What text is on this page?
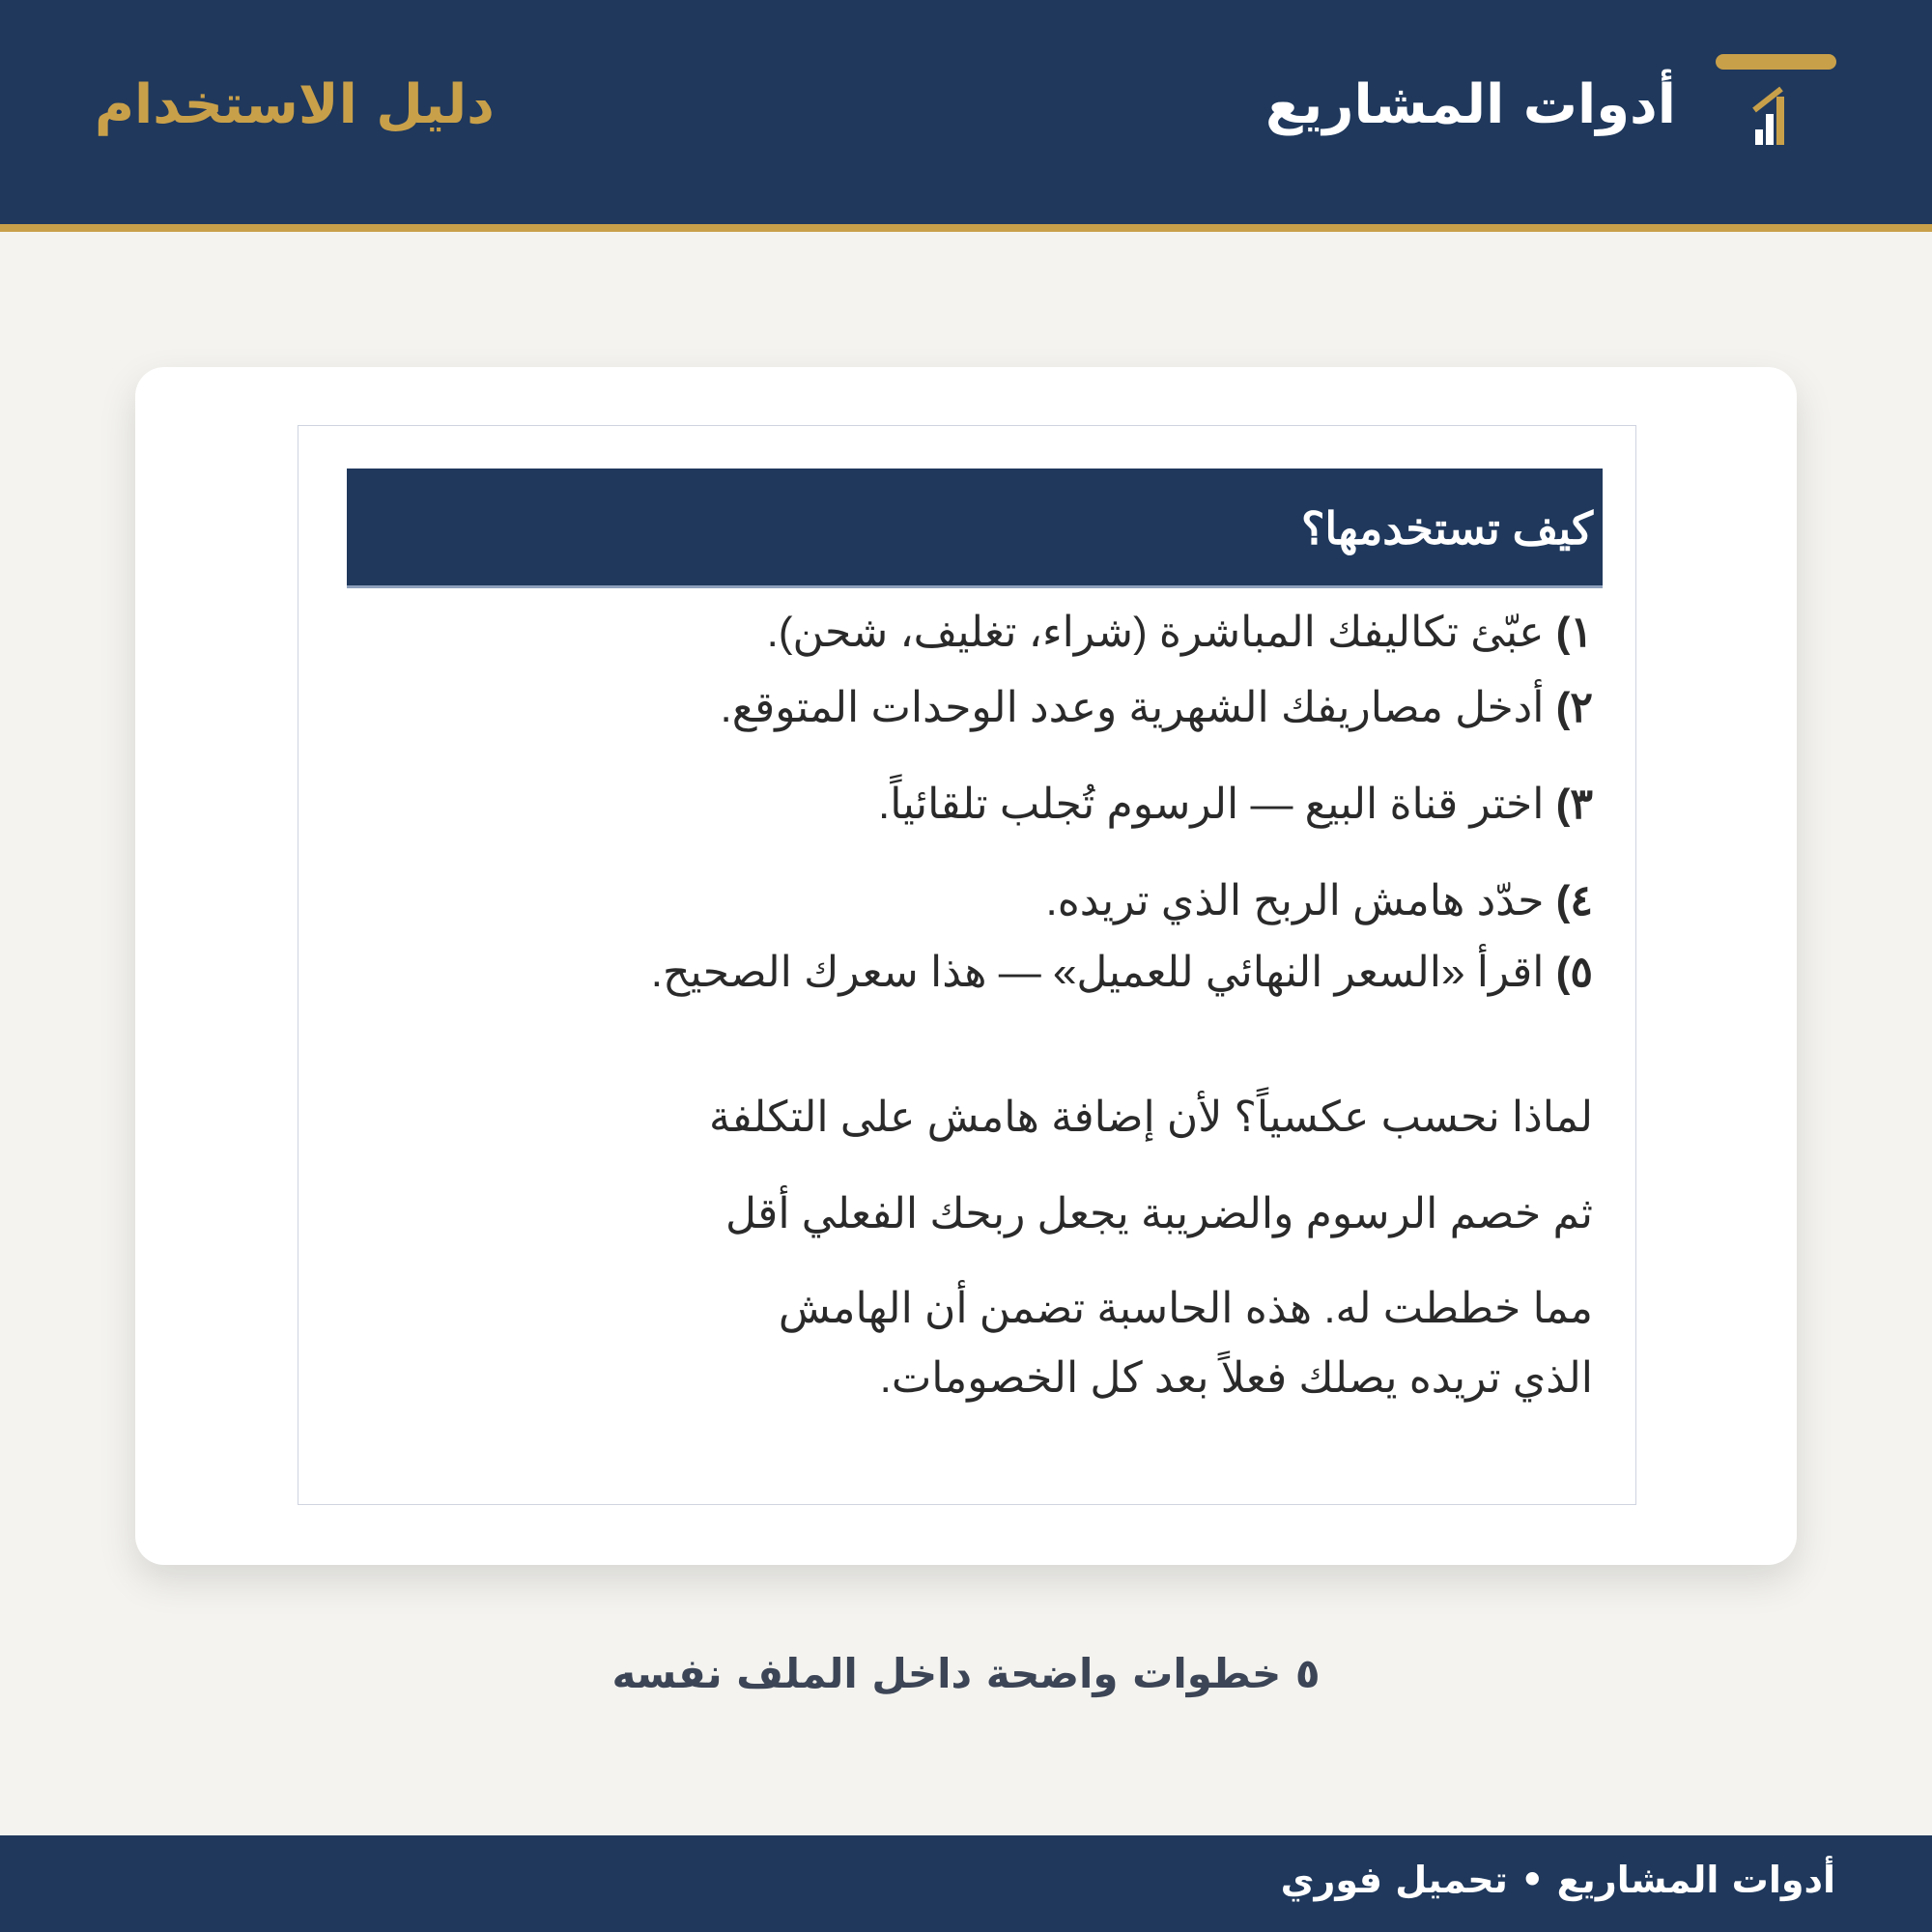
أدوات المشاريع
دليل الاستخدام
كيف تستخدمها؟
١) عبّئ تكاليفك المباشرة (شراء، تغليف، شحن).
٢) أدخل مصاريفك الشهرية وعدد الوحدات المتوقع.
٣) اختر قناة البيع — الرسوم تُجلب تلقائياً.
٤) حدّد هامش الربح الذي تريده.
٥) اقرأ «السعر النهائي للعميل» — هذا سعرك الصحيح.
لماذا نحسب عكسياً؟ لأن إضافة هامش على التكلفة
ثم خصم الرسوم والضريبة يجعل ربحك الفعلي أقل
مما خططت له. هذه الحاسبة تضمن أن الهامش
الذي تريده يصلك فعلاً بعد كل الخصومات.
٥ خطوات واضحة داخل الملف نفسه
أدوات المشاريع • تحميل فوري
